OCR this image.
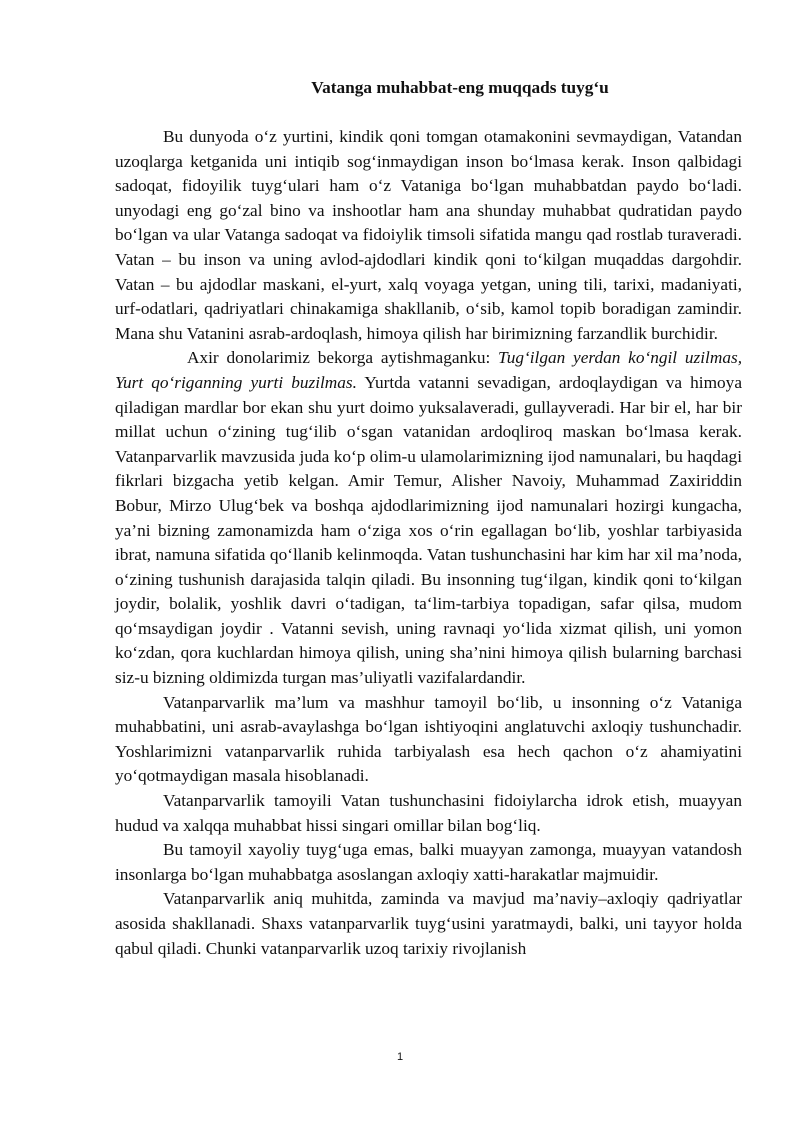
Vatanga muhabbat-eng muqqads tuyg‘u

Bu dunyoda o‘z yurtini, kindik qoni tomgan otamakonini sevmaydigan, Vatandan uzoqlarga ketganida uni intiqib sog‘inmaydigan inson bo‘lmasa kerak. Inson qalbidagi sadoqat, fidoyilik tuyg‘ulari ham o‘z Vataniga bo‘lgan muhabbatdan paydo bo‘ladi. unyodagi eng go‘zal bino va inshootlar ham ana shunday muhabbat qudratidan paydo bo‘lgan va ular Vatanga sadoqat va fidoiylik timsoli sifatida mangu qad rostlab turaveradi. Vatan – bu inson va uning avlod-ajdodlari kindik qoni to‘kilgan muqaddas dargohdir. Vatan – bu ajdodlar maskani, el-yurt, xalq voyaga yetgan, uning tili, tarixi, madaniyati, urf-odatlari, qadriyatlari chinakamiga shakllanib, o‘sib, kamol topib boradigan zamindir. Mana shu Vatanini asrab-ardoqlash, himoya qilish har birimizning farzandlik burchidir.

Axir donolarimiz bekorga aytishmaganku: Tug‘ilgan yerdan ko‘ngil uzilmas, Yurt qo‘riganning yurti buzilmas. Yurtda vatanni sevadigan, ardoqlaydigan va himoya qiladigan mardlar bor ekan shu yurt doimo yuksalaveradi, gullayveradi. Har bir el, har bir millat uchun o‘zining tug‘ilib o‘sgan vatanidan ardoqliroq maskan bo‘lmasa kerak. Vatanparvarlik mavzusida juda ko‘p olim-u ulamolarimizning ijod namunalari, bu haqdagi fikrlari bizgacha yetib kelgan. Amir Temur, Alisher Navoiy, Muhammad Zaxiriddin Bobur, Mirzo Ulug‘bek va boshqa ajdodlarimizning ijod namunalari hozirgi kungacha, ya’ni bizning zamonamizda ham o‘ziga xos o‘rin egallagan bo‘lib, yoshlar tarbiyasida ibrat, namuna sifatida qo‘llanib kelinmoqda. Vatan tushunchasini har kim har xil ma’noda, o‘zining tushunish darajasida talqin qiladi. Bu insonning tug‘ilgan, kindik qoni to‘kilgan joydir, bolalik, yoshlik davri o‘tadigan, ta‘lim-tarbiya topadigan, safar qilsa, mudom qo‘msaydigan joydir . Vatanni sevish, uning ravnaqi yo‘lida xizmat qilish, uni yomon ko‘zdan, qora kuchlardan himoya qilish, uning sha’nini himoya qilish bularning barchasi siz-u bizning oldimizda turgan mas’uliyatli vazifalardandir.

Vatanparvarlik ma’lum va mashhur tamoyil bo‘lib, u insonning o‘z Vataniga muhabbatini, uni asrab-avaylashga bo‘lgan ishtiyoqini anglatuvchi axloqiy tushunchadir. Yoshlarimizni vatanparvarlik ruhida tarbiyalash esa hech qachon o‘z ahamiyatini yo‘qotmaydigan masala hisoblanadi.

Vatanparvarlik tamoyili Vatan tushunchasini fidoiylarcha idrok etish, muayyan hudud va xalqqa muhabbat hissi singari omillar bilan bog‘liq.

Bu tamoyil xayoliy tuyg‘uga emas, balki muayyan zamonga, muayyan vatandosh insonlarga bo‘lgan muhabbatga asoslangan axloqiy xatti-harakatlar majmuidir.

Vatanparvarlik aniq muhitda, zaminda va mavjud ma’naviy–axloqiy qadriyatlar asosida shakllanadi. Shaxs vatanparvarlik tuyg‘usini yaratmaydi, balki, uni tayyor holda qabul qiladi. Chunki vatanparvarlik uzoq tarixiy rivojlanish

1
